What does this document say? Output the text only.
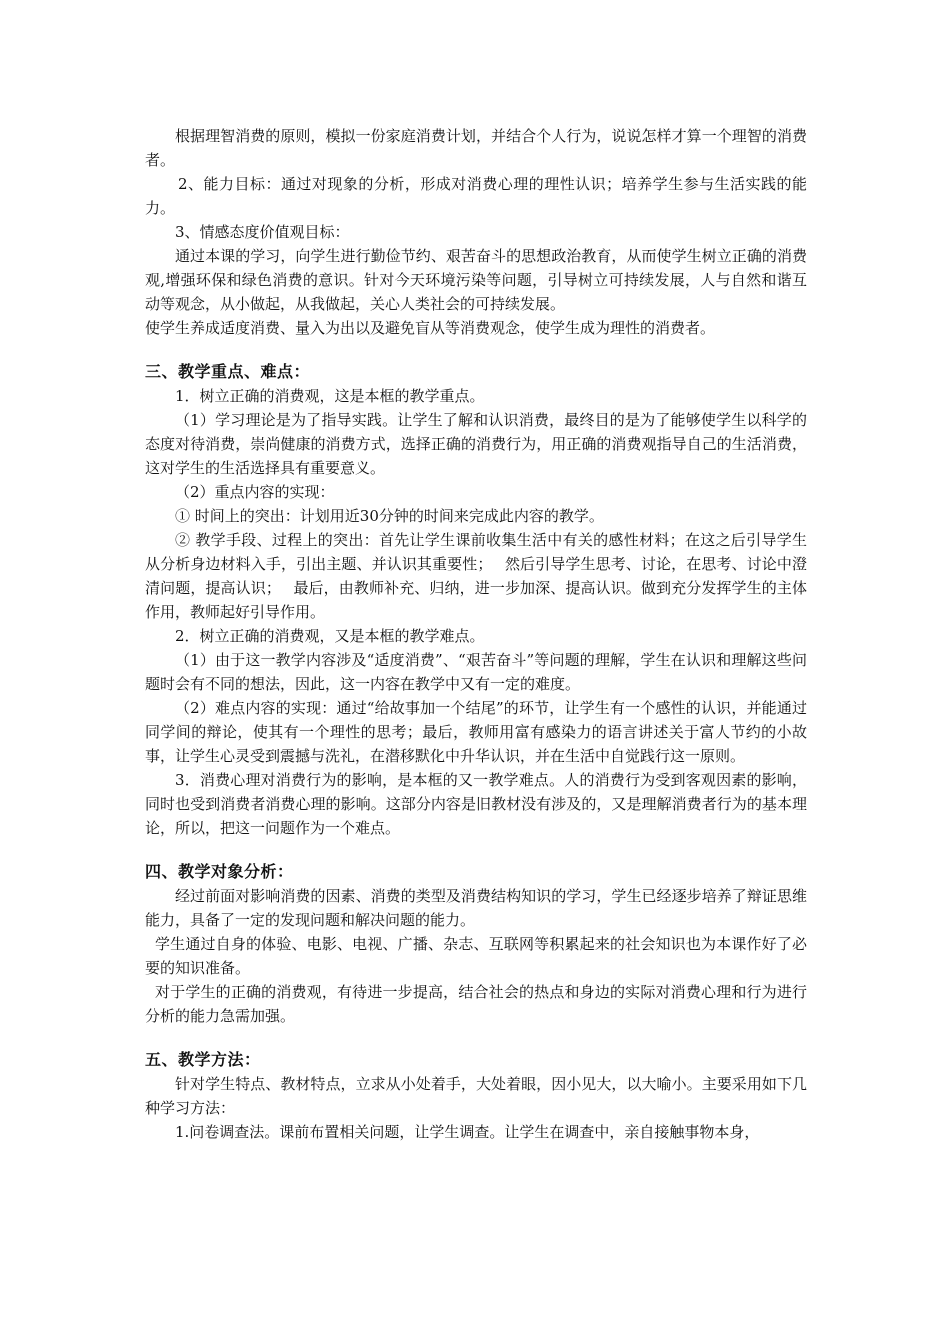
根据理智消费的原则，模拟一份家庭消费计划，并结合个人行为，说说怎样才算一个理智的消费者。

2、能力目标：通过对现象的分析，形成对消费心理的理性认识；培养学生参与生活实践的能力。

3、情感态度价值观目标：

通过本课的学习，向学生进行勤俭节约、艰苦奋斗的思想政治教育，从而使学生树立正确的消费观,增强环保和绿色消费的意识。针对今天环境污染等问题，引导树立可持续发展，人与自然和谐互动等观念，从小做起，从我做起，关心人类社会的可持续发展。

使学生养成适度消费、量入为出以及避免盲从等消费观念，使学生成为理性的消费者。

三、教学重点、难点：

1．树立正确的消费观，这是本框的教学重点。

（1）学习理论是为了指导实践。让学生了解和认识消费，最终目的是为了能够使学生以科学的态度对待消费，崇尚健康的消费方式，选择正确的消费行为，用正确的消费观指导自己的生活消费，这对学生的生活选择具有重要意义。

（2）重点内容的实现：

① 时间上的突出：计划用近30分钟的时间来完成此内容的教学。

② 教学手段、过程上的突出：首先让学生课前收集生活中有关的感性材料；在这之后引导学生从分析身边材料入手，引出主题、并认识其重要性；　 然后引导学生思考、讨论，在思考、讨论中澄清问题，提高认识；　 最后，由教师补充、归纳，进一步加深、提高认识。做到充分发挥学生的主体作用，教师起好引导作用。

2．树立正确的消费观，又是本框的教学难点。

（1）由于这一教学内容涉及“适度消费”、“艰苦奋斗”等问题的理解，学生在认识和理解这些问题时会有不同的想法，因此，这一内容在教学中又有一定的难度。

（2）难点内容的实现：通过“给故事加一个结尾”的环节，让学生有一个感性的认识，并能通过同学间的辩论，使其有一个理性的思考；最后，教师用富有感染力的语言讲述关于富人节约的小故事，让学生心灵受到震撼与洗礼，在潜移默化中升华认识，并在生活中自觉践行这一原则。

3．消费心理对消费行为的影响，是本框的又一教学难点。人的消费行为受到客观因素的影响，同时也受到消费者消费心理的影响。这部分内容是旧教材没有涉及的，又是理解消费者行为的基本理论，所以，把这一问题作为一个难点。

四、教学对象分析：

经过前面对影响消费的因素、消费的类型及消费结构知识的学习，学生已经逐步培养了辩证思维能力，具备了一定的发现问题和解决问题的能力。

学生通过自身的体验、电影、电视、广播、杂志、互联网等积累起来的社会知识也为本课作好了必要的知识准备。

对于学生的正确的消费观，有待进一步提高，结合社会的热点和身边的实际对消费心理和行为进行分析的能力急需加强。

五、教学方法：

针对学生特点、教材特点，立求从小处着手，大处着眼，因小见大，以大喻小。主要采用如下几种学习方法：

1.问卷调查法。课前布置相关问题，让学生调查。让学生在调查中，亲自接触事物本身，
